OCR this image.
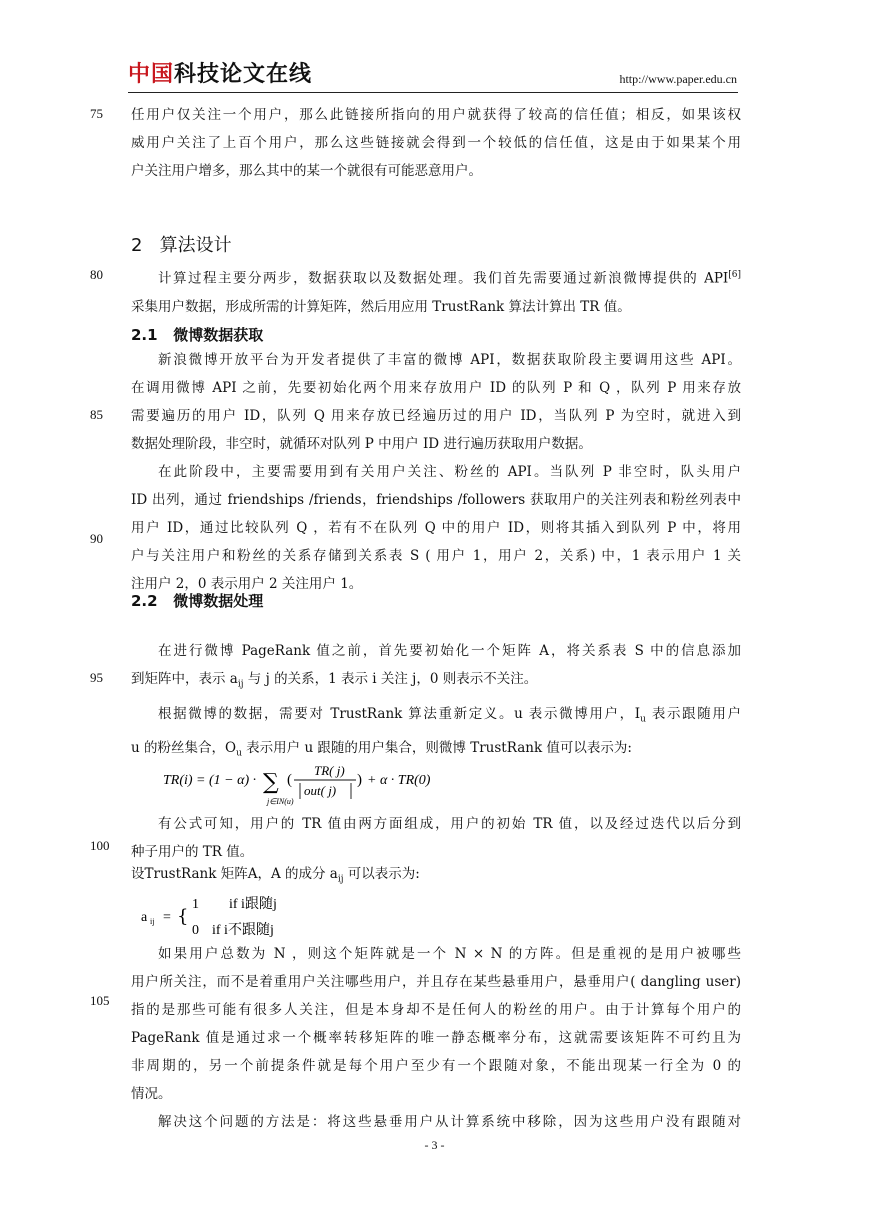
中国科技论文在线	http://www.paper.edu.cn
75
80
85
90
95
100
105
任用户仅关注一个用户，那么此链接所指向的用户就获得了较高的信任值；相反，如果该权
威用户关注了上百个用户，那么这些链接就会得到一个较低的信任值，这是由于如果某个用
户关注用户增多，那么其中的某一个就很有可能恶意用户。
2 算法设计
计算过程主要分两步，数据获取以及数据处理。我们首先需要通过新浪微博提供的 API[6]
采集用户数据，形成所需的计算矩阵，然后用应用 TrustRank 算法计算出 TR 值。
2.1 微博数据获取
新浪微博开放平台为开发者提供了丰富的微博 API，数据获取阶段主要调用这些 API。
在调用微博 API 之前，先要初始化两个用来存放用户 ID 的队列 P 和 Q ，队列 P 用来存放
需要遍历的用户 ID，队列 Q 用来存放已经遍历过的用户 ID，当队列 P 为空时，就进入到
数据处理阶段，非空时，就循环对队列 P 中用户 ID 进行遍历获取用户数据。
在此阶段中，主要需要用到有关用户关注、粉丝的 API。当队列 P 非空时，队头用户
ID 出列，通过 friendships /friends，friendships /followers 获取用户的关注列表和粉丝列表中
用户 ID，通过比较队列 Q ，若有不在队列 Q 中的用户 ID，则将其插入到队列 P 中，将用
户与关注用户和粉丝的关系存储到关系表 S ( 用户 1，用户 2，关系) 中，1 表示用户 1 关
注用户 2，0 表示用户 2 关注用户 1。
2.2 微博数据处理
在进行微博 PageRank 值之前，首先要初始化一个矩阵 A，将关系表 S 中的信息添加
到矩阵中，表示 $a_{ij}$ 与 j 的关系，1 表示 i 关注 j，0 则表示不关注。
根据微博的数据，需要对 TrustRank 算法重新定义。u 表示微博用户，$I_u$ 表示跟随用户
u 的粉丝集合，$O_u$ 表示用户 u 跟随的用户集合，则微博 TrustRank 值可以表示为:
TR(i) = (1 − α) · ∑
j∈IN(u)
(
TR( j)
out( j)
) + α · TR(0)
有公式可知，用户的 TR 值由两方面组成，用户的初始 TR 值，以及经过迭代以后分到
种子用户的 TR 值。
设TrustRank 矩阵A，A 的成分 $a_{ij}$ 可以表示为:
a ij = {
1 if i跟随j
0 if i不跟随j
如果用户总数为 N ，则这个矩阵就是一个 N × N 的方阵。但是重视的是用户被哪些
用户所关注，而不是着重用户关注哪些用户，并且存在某些悬垂用户，悬垂用户( dangling user)
指的是那些可能有很多人关注，但是本身却不是任何人的粉丝的用户。由于计算每个用户的
PageRank 值是通过求一个概率转移矩阵的唯一静态概率分布，这就需要该矩阵不可约且为
非周期的，另一个前提条件就是每个用户至少有一个跟随对象，不能出现某一行全为 0 的
情况。
解决这个问题的方法是：将这些悬垂用户从计算系统中移除，因为这些用户没有跟随对
- 3 -
